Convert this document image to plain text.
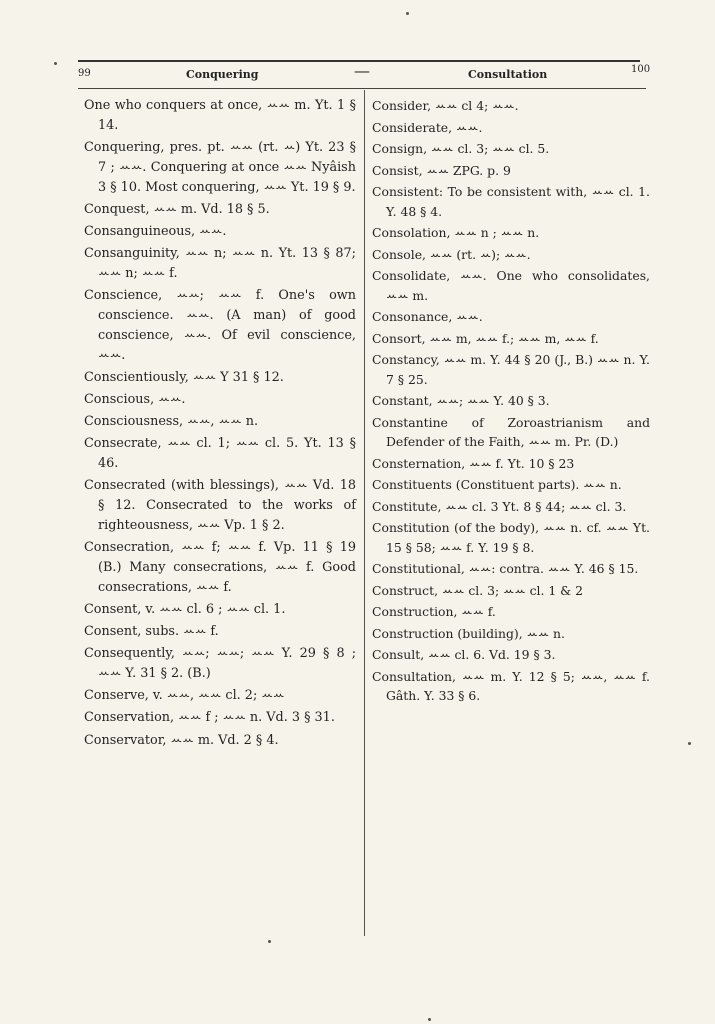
99	Conquering	—	Consultation	100
One who conquers at once, ꕀꕀ m. Yt. 1 § 14.
Conquering, pres. pt. ꕀꕀ (rt. ꕀ) Yt. 23 § 7 ; ꕀꕀ. Conquering at once ꕀꕀ Nyâish 3 § 10. Most conquering, ꕀꕀ Yt. 19 § 9.
Conquest, ꕀꕀ m. Vd. 18 § 5.
Consanguineous, ꕀꕀ.
Consanguinity, ꕀꕀ n; ꕀꕀ n. Yt. 13 § 87; ꕀꕀ n; ꕀꕀ f.
Conscience, ꕀꕀ; ꕀꕀ f. One's own conscience. ꕀꕀ. (A man) of good conscience, ꕀꕀ. Of evil conscience, ꕀꕀ.
Conscientiously, ꕀꕀ Y 31 § 12.
Conscious, ꕀꕀ.
Consciousness, ꕀꕀ, ꕀꕀ n.
Consecrate, ꕀꕀ cl. 1; ꕀꕀ cl. 5. Yt. 13 § 46.
Consecrated (with blessings), ꕀꕀ Vd. 18 § 12. Consecrated to the works of righteousness, ꕀꕀ Vp. 1 § 2.
Consecration, ꕀꕀ f; ꕀꕀ f. Vp. 11 § 19 (B.) Many consecrations, ꕀꕀ f. Good consecrations, ꕀꕀ f.
Consent, v. ꕀꕀ cl. 6 ; ꕀꕀ cl. 1.
Consent, subs. ꕀꕀ f.
Consequently, ꕀꕀ; ꕀꕀ; ꕀꕀ Y. 29 § 8 ; ꕀꕀ Y. 31 § 2. (B.)
Conserve, v. ꕀꕀ, ꕀꕀ cl. 2; ꕀꕀ
Conservation, ꕀꕀ f ; ꕀꕀ n. Vd. 3 § 31.
Conservator, ꕀꕀ m. Vd. 2 § 4.
Consider, ꕀꕀ cl 4; ꕀꕀ.
Considerate, ꕀꕀ.
Consign, ꕀꕀ cl. 3; ꕀꕀ cl. 5.
Consist, ꕀꕀ ZPG. p. 9
Consistent: To be consistent with, ꕀꕀ cl. 1. Y. 48 § 4.
Consolation, ꕀꕀ n ; ꕀꕀ n.
Console, ꕀꕀ (rt. ꕀ); ꕀꕀ.
Consolidate, ꕀꕀ. One who consolidates, ꕀꕀ m.
Consonance, ꕀꕀ.
Consort, ꕀꕀ m, ꕀꕀ f.; ꕀꕀ m, ꕀꕀ f.
Constancy, ꕀꕀ m. Y. 44 § 20 (J., B.) ꕀꕀ n. Y. 7 § 25.
Constant, ꕀꕀ; ꕀꕀ Y. 40 § 3.
Constantine of Zoroastrianism and Defender of the Faith, ꕀꕀ m. Pr. (D.)
Consternation, ꕀꕀ f. Yt. 10 § 23
Constituents (Constituent parts). ꕀꕀ n.
Constitute, ꕀꕀ cl. 3 Yt. 8 § 44; ꕀꕀ cl. 3.
Constitution (of the body), ꕀꕀ n. cf. ꕀꕀ Yt. 15 § 58; ꕀꕀ f. Y. 19 § 8.
Constitutional, ꕀꕀ: contra. ꕀꕀ Y. 46 § 15.
Construct, ꕀꕀ cl. 3; ꕀꕀ cl. 1 & 2
Construction, ꕀꕀ f.
Construction (building), ꕀꕀ n.
Consult, ꕀꕀ cl. 6. Vd. 19 § 3.
Consultation, ꕀꕀ m. Y. 12 § 5; ꕀꕀ, ꕀꕀ f. Gâth. Y. 33 § 6.
